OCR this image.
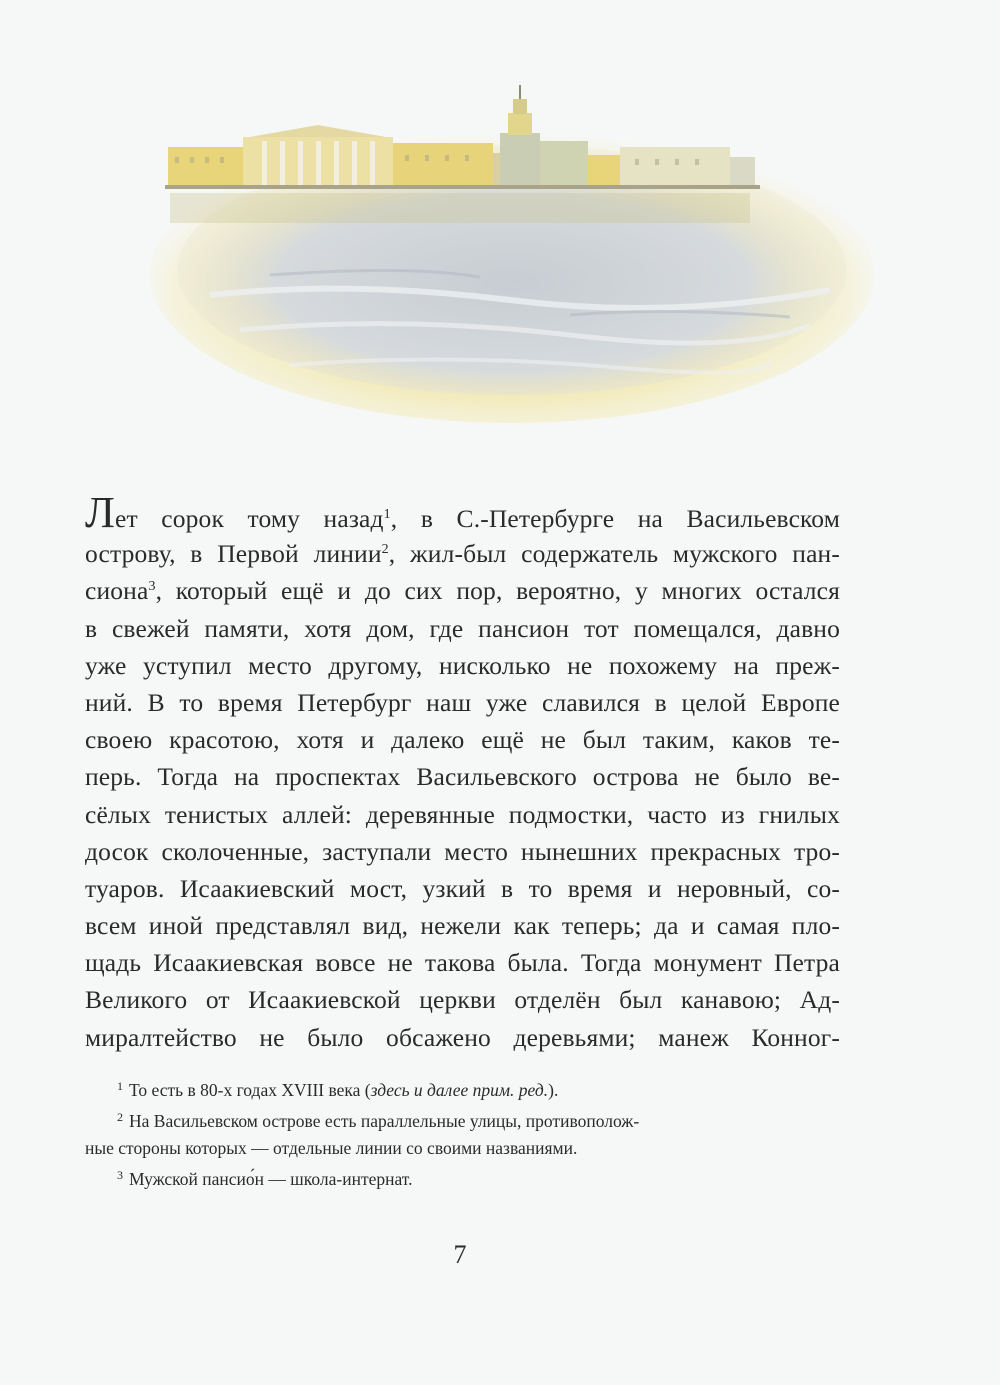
Лет сорок тому назад$^1$, в С.-Петербурге на Васильевском
острову, в Первой линии$^2$, жил-был содержатель мужского пан-
сиона$^3$, который ещё и до сих пор, вероятно, у многих остался
в свежей памяти, хотя дом, где пансион тот помещался, давно
уже уступил место другому, нисколько не похожему на преж-
ний. В то время Петербург наш уже славился в целой Европе
своею красотою, хотя и далеко ещё не был таким, каков те-
перь. Тогда на проспектах Васильевского острова не было ве-
сёлых тенистых аллей: деревянные подмостки, часто из гнилых
досок сколоченные, заступали место нынешних прекрасных тро-
туаров. Исаакиевский мост, узкий в то время и неровный, со-
всем иной представлял вид, нежели как теперь; да и самая пло-
щадь Исаакиевская вовсе не такова была. Тогда монумент Петра
Великого от Исаакиевской церкви отделён был канавою; Ад-
миралтейство не было обсажено деревьями; манеж Конног-
$^1$ То есть в 80-х годах XVIII века (здесь и далее прим. ред.).
$^2$ На Васильевском острове есть параллельные улицы, противополож-
ные стороны которых — отдельные линии со своими названиями.
$^3$ Мужской пансио́н — школа-интернат.
7
